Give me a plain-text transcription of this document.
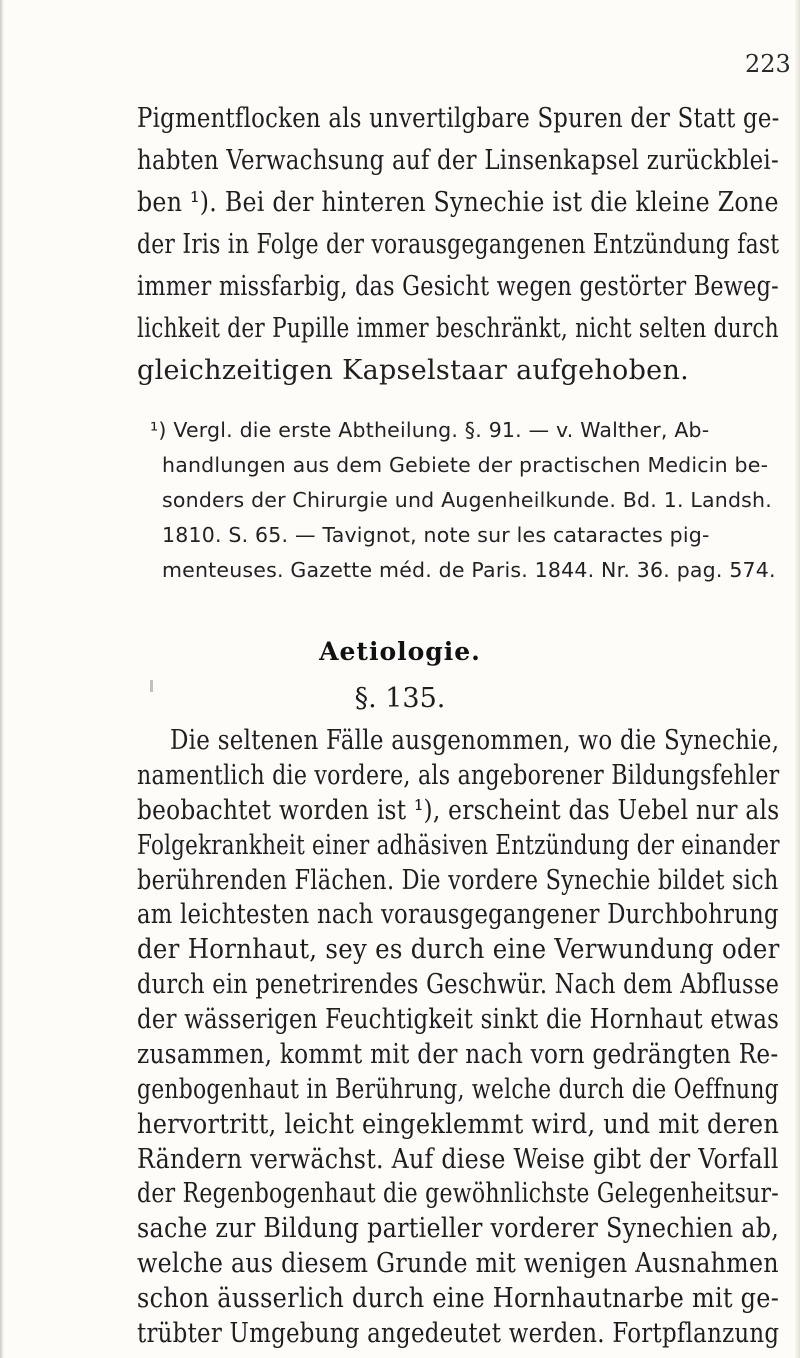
223
Pigmentflocken als unvertilgbare Spuren der Statt ge-
habten Verwachsung auf der Linsenkapsel zurückblei-
ben ¹). Bei der hinteren Synechie ist die kleine Zone
der Iris in Folge der vorausgegangenen Entzündung fast
immer missfarbig, das Gesicht wegen gestörter Beweg-
lichkeit der Pupille immer beschränkt, nicht selten durch
gleichzeitigen Kapselstaar aufgehoben.
¹) Vergl. die erste Abtheilung. §. 91. — v. Walther, Ab-
handlungen aus dem Gebiete der practischen Medicin be-
sonders der Chirurgie und Augenheilkunde. Bd. 1. Landsh.
1810. S. 65. — Tavignot, note sur les cataractes pig-
menteuses. Gazette méd. de Paris. 1844. Nr. 36. pag. 574.
Aetiologie.
§. 135.
Die seltenen Fälle ausgenommen, wo die Synechie,
namentlich die vordere, als angeborener Bildungsfehler
beobachtet worden ist ¹), erscheint das Uebel nur als
Folgekrankheit einer adhäsiven Entzündung der einander
berührenden Flächen. Die vordere Synechie bildet sich
am leichtesten nach vorausgegangener Durchbohrung
der Hornhaut, sey es durch eine Verwundung oder
durch ein penetrirendes Geschwür. Nach dem Abflusse
der wässerigen Feuchtigkeit sinkt die Hornhaut etwas
zusammen, kommt mit der nach vorn gedrängten Re-
genbogenhaut in Berührung, welche durch die Oeffnung
hervortritt, leicht eingeklemmt wird, und mit deren
Rändern verwächst. Auf diese Weise gibt der Vorfall
der Regenbogenhaut die gewöhnlichste Gelegenheitsur-
sache zur Bildung partieller vorderer Synechien ab,
welche aus diesem Grunde mit wenigen Ausnahmen
schon äusserlich durch eine Hornhautnarbe mit ge-
trübter Umgebung angedeutet werden. Fortpflanzung
